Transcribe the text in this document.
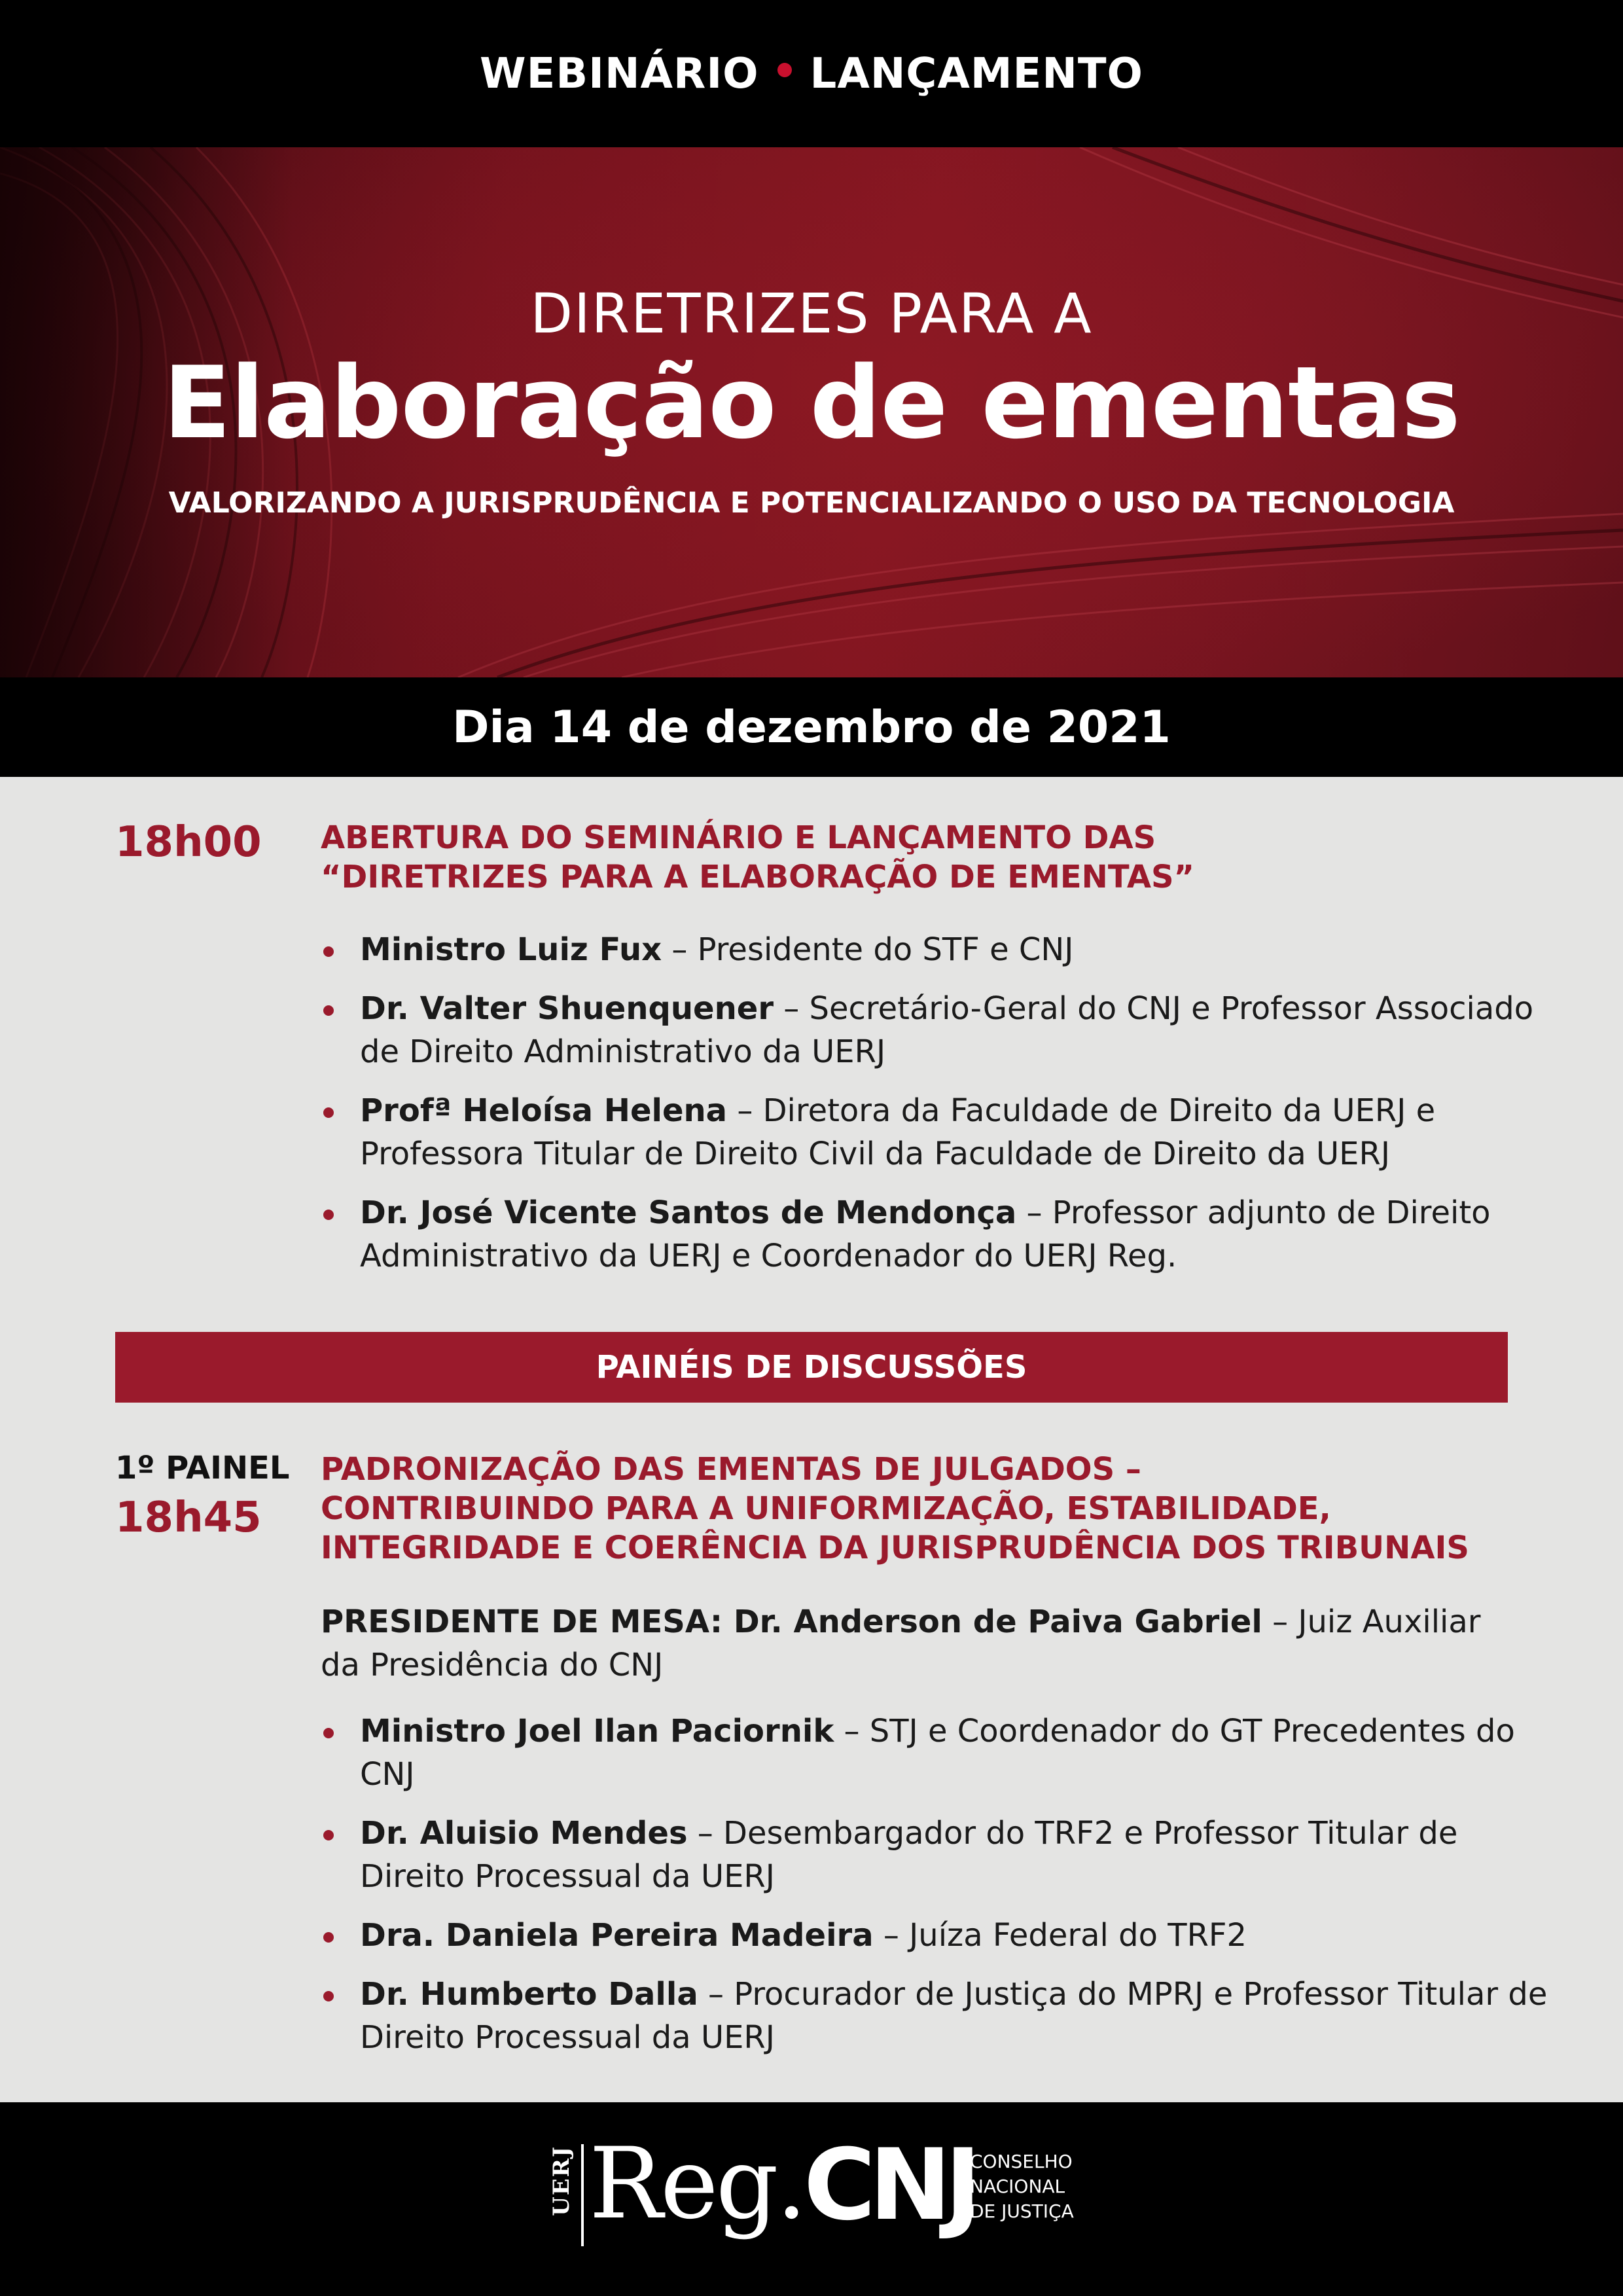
WEBINÁRIO LANÇAMENTO
DIRETRIZES PARA A
Elaboração de ementas
VALORIZANDO A JURISPRUDÊNCIA E POTENCIALIZANDO O USO DA TECNOLOGIA
Dia 14 de dezembro de 2021
18h00 ABERTURA DO SEMINÁRIO E LANÇAMENTO DAS
“DIRETRIZES PARA A ELABORAÇÃO DE EMENTAS”
Ministro Luiz Fux – Presidente do STF e CNJ
Dr. Valter Shuenquener – Secretário-Geral do CNJ e Professor Associado de Direito Administrativo da UERJ
Profª Heloísa Helena – Diretora da Faculdade de Direito da UERJ e Professora Titular de Direito Civil da Faculdade de Direito da UERJ
Dr. José Vicente Santos de Mendonça – Professor adjunto de Direito Administrativo da UERJ e Coordenador do UERJ Reg.
PAINÉIS DE DISCUSSÕES
1º PAINEL
18h45
PADRONIZAÇÃO DAS EMENTAS DE JULGADOS –
CONTRIBUINDO PARA A UNIFORMIZAÇÃO, ESTABILIDADE,
INTEGRIDADE E COERÊNCIA DA JURISPRUDÊNCIA DOS TRIBUNAIS
PRESIDENTE DE MESA: Dr. Anderson de Paiva Gabriel – Juiz Auxiliar da Presidência do CNJ
Ministro Joel Ilan Paciornik – STJ e Coordenador do GT Precedentes do CNJ
Dr. Aluisio Mendes – Desembargador do TRF2 e Professor Titular de Direito Processual da UERJ
Dra. Daniela Pereira Madeira – Juíza Federal do TRF2
Dr. Humberto Dalla – Procurador de Justiça do MPRJ e Professor Titular de Direito Processual da UERJ
UERJ Reg.
CNJ
CONSELHO
NACIONAL
DE JUSTIÇA
